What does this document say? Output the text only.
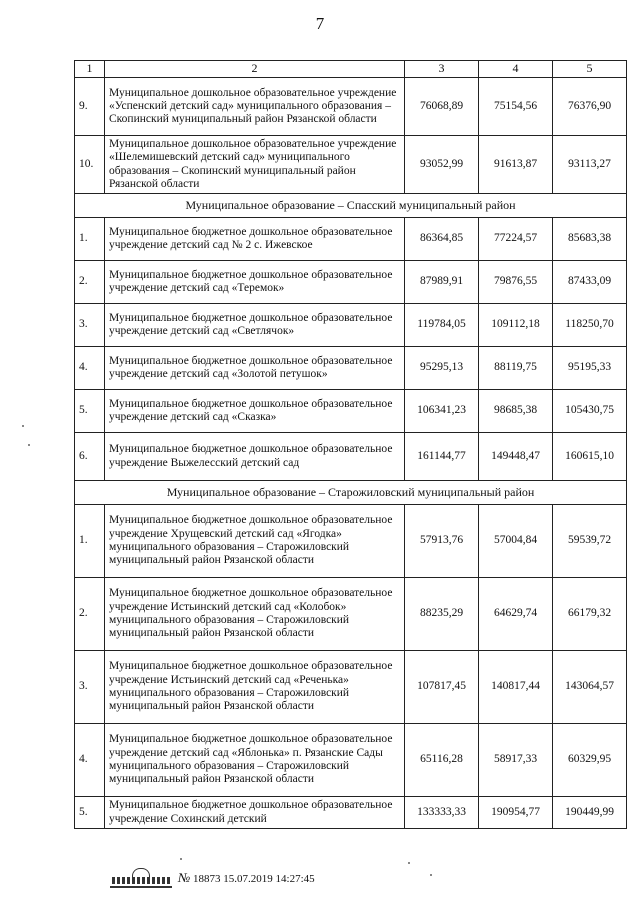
7
1	2	3	4	5
9.	Муниципальное дошкольное образовательное учреждение «Успенский детский сад» муниципального образования – Скопинский муниципальный район Рязанской области	76068,89	75154,56	76376,90
10.	Муниципальное дошкольное образовательное учреждение «Шелемишевский детский сад» муниципального образования – Скопинский муниципальный район Рязанской области	93052,99	91613,87	93113,27
Муниципальное образование – Спасский муниципальный район				
1.	Муниципальное бюджетное дошкольное образовательное учреждение детский сад № 2 с. Ижевское	86364,85	77224,57	85683,38
2.	Муниципальное бюджетное дошкольное образовательное учреждение детский сад «Теремок»	87989,91	79876,55	87433,09
3.	Муниципальное бюджетное дошкольное образовательное учреждение детский сад «Светлячок»	119784,05	109112,18	118250,70
4.	Муниципальное бюджетное дошкольное образовательное учреждение детский сад «Золотой петушок»	95295,13	88119,75	95195,33
5.	Муниципальное бюджетное дошкольное образовательное учреждение детский сад «Сказка»	106341,23	98685,38	105430,75
6.	Муниципальное бюджетное дошкольное образовательное учреждение Выжелесский детский сад	161144,77	149448,47	160615,10
Муниципальное образование – Старожиловский муниципальный район				
1.	Муниципальное бюджетное дошкольное образовательное учреждение Хрущевский детский сад «Ягодка» муниципального образования – Старожиловский муниципальный район Рязанской области	57913,76	57004,84	59539,72
2.	Муниципальное бюджетное дошкольное образовательное учреждение Истьинский детский сад «Колобок» муниципального образования – Старожиловский муниципальный район Рязанской области	88235,29	64629,74	66179,32
3.	Муниципальное бюджетное дошкольное образовательное учреждение Истьинский детский сад «Реченька» муниципального образования – Старожиловский муниципальный район Рязанской области	107817,45	140817,44	143064,57
4.	Муниципальное бюджетное дошкольное образовательное учреждение детский сад «Яблонька» п. Рязанские Сады муниципального образования – Старожиловский муниципальный район Рязанской области	65116,28	58917,33	60329,95
5.	Муниципальное бюджетное дошкольное образовательное учреждение Сохинский детский	133333,33	190954,77	190449,99
№ 18873 15.07.2019 14:27:45
